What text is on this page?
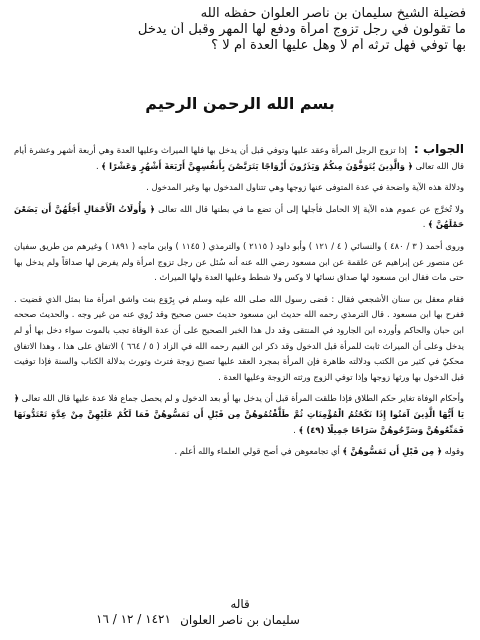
فضيلة الشيخ سليمان بن ناصر العلوان حفظه الله
ما تقولون في رجل تزوج امرأة ودفع لها المهر وقبل أن يدخل
بها توفي فهل ترثه أم لا وهل عليها العدة أم لا ؟
بسم الله الرحمن الرحيم

الجواب : إذا تزوج الرجل المرأة وعقد عليها وتوفي قبل أن يدخل بها فلها الميراث وعليها العدة وهي أربعة أشهر وعشرة أيام قال الله تعالى ﴿ وَالَّذِينَ يُتَوَفَّوْنَ مِنكُمْ وَيَذَرُونَ أَزْوَاجًا يَتَرَبَّصْنَ بِأَنفُسِهِنَّ أَرْبَعَةَ أَشْهُرٍ وَعَشْرًا ﴾ .

ودلالة هذه الآية واضحة في عدة المتوفى عنها زوجها وهي تتناول المدخول بها وغير المدخول .

ولا تُخرَّج عن عموم هذه الآية إلا الحامل فأجلها إلى أن تضع ما في بطنها قال الله تعالى ﴿ وَأُولَاتُ الْأَحْمَالِ أَجَلُهُنَّ أَن يَضَعْنَ حَمْلَهُنَّ ﴾ .

وروى أحمد ( ٣ / ٤٨٠ ) والنسائي ( ٤ / ١٢١ ) وأبو داود ( ٢١١٥ ) والترمذي ( ١١٤٥ ) وابن ماجه ( ١٨٩١ ) وغيرهم من طريق سفيان عن منصور عن إبراهيم عن علقمة عن ابن مسعود رضي الله عنه أنه سُئل عن رجل تزوج امرأة ولم يفرض لها صداقاً ولم يدخل بها حتى مات فقال ابن مسعود لها صداق نسائها لا وكس ولا شطط وعليها العدة ولها الميراث .

فقام معقل بن سنان الأشجعي فقال : قضى رسول الله صلى الله عليه وسلم في بِرْوَع بنت واشق امرأة منا بمثل الذي قضيت . ففرح بها ابن مسعود . قال الترمذي رحمه الله حديث ابن مسعود حديث حسن صحيح وقد رُوي عنه من غير وجه . والحديث صححه ابن حبان والحاكم وأورده ابن الجارود في المنتقى وقد دل هذا الخبر الصحيح على أن عدة الوفاة تجب بالموت سواء دخل بها أو لم يدخل وعلى أن الميراث ثابت للمرأة قبل الدخول وقد ذكر ابن القيم رحمه الله في الزاد ( ٥ / ٦٦٤ ) الاتفاق على هذا ، وهذا الاتفاق محكيٌ في كثير من الكتب ودلالته ظاهرة فإن المرأة بمجرد العقد عليها تصبح زوجة فترث وتورث بدلالة الكتاب والسنة فإذا توفيت قبل الدخول بها ورثها زوجها وإذا توفي الزوج ورثته الزوجة وعليها العدة .

وأحكام الوفاة تغاير حكم الطلاق فإذا طلقت المرأة قبل أن يدخل بها أو بعد الدخول و لم يحصل جماع فلا عدة عليها قال الله تعالى ﴿ يَا أَيُّهَا الَّذِينَ آمَنُوا إِذَا نَكَحْتُمُ الْمُؤْمِنَاتِ ثُمَّ طَلَّقْتُمُوهُنَّ مِن قَبْلِ أَن تَمَسُّوهُنَّ فَمَا لَكُمْ عَلَيْهِنَّ مِنْ عِدَّةٍ تَعْتَدُّونَهَا فَمَتِّعُوهُنَّ وَسَرِّحُوهُنَّ سَرَاحًا جَمِيلًا (٤٩) ﴾ .

وقوله ﴿ مِن قَبْلِ أَن تَمَسُّوهُنَّ ﴾ أي تجامعوهن في أصح قولي العلماء والله أعلم .

قاله
سليمان بن ناصر العلوان
١٤٢١ / ١٢ / ١٦
